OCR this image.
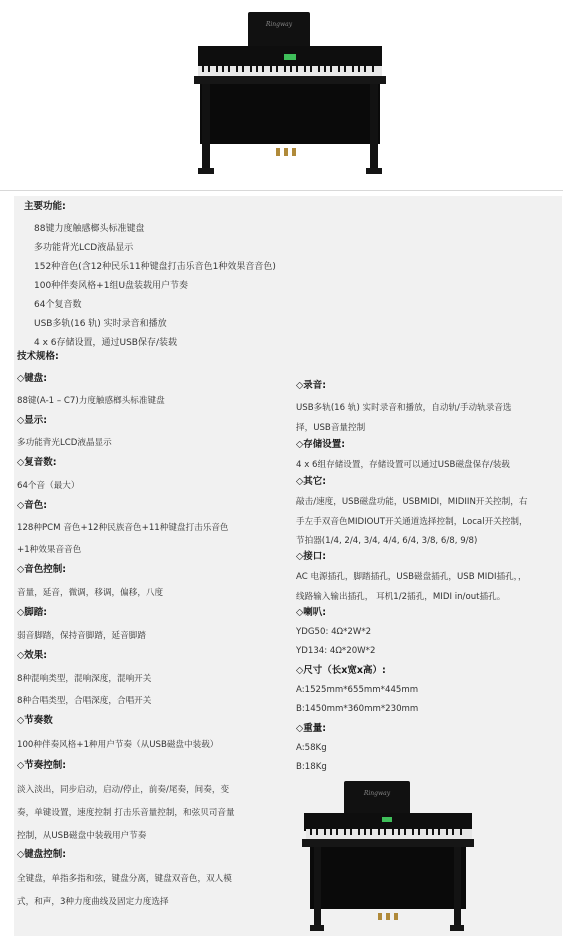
Ringway
主要功能:
88键力度触感榔头标准键盘
多功能背光LCD液晶显示
152种音色(含12种民乐11种键盘打击乐音色1种效果音音色)
100种伴奏风格+1组U盘装载用户节奏
64个复音数
USB多轨(16 轨) 实时录音和播放
4 x 6存储设置，通过USB保存/装载
技术规格:
◇键盘:
88键(A-1 – C7)力度触感榔头标准键盘
◇显示:
多功能背光LCD液晶显示
◇复音数:
64个音（最大）
◇音色:
128种PCM 音色+12种民族音色+11种键盘打击乐音色
+1种效果音音色
◇音色控制:
音量，延音，微调，移调，偏移，八度
◇脚踏:
弱音脚踏，保持音脚踏，延音脚踏
◇效果:
8种混响类型，混响深度，混响开关
8种合唱类型，合唱深度，合唱开关
◇节奏数
100种伴奏风格+1种用户节奏（从USB磁盘中装载）
◇节奏控制:
淡入淡出，同步启动，启动/停止，前奏/尾奏，间奏，变
奏，单键设置，速度控制 打击乐音量控制，和弦贝司音量
控制，从USB磁盘中装载用户节奏
◇键盘控制:
全键盘，单指多指和弦，键盘分离，键盘双音色，双人模
式，和声，3种力度曲线及固定力度选择
◇录音:
USB多轨(16 轨) 实时录音和播放，自动轨/手动轨录音选
择，USB音量控制
◇存储设置:
4 x 6组存储设置，存储设置可以通过USB磁盘保存/装载
◇其它:
敲击/速度，USB磁盘功能，USBMIDI，MIDIIN开关控制，右
手左手双音色MIDIOUT开关通道选择控制，Local开关控制，
节拍器(1/4, 2/4, 3/4, 4/4, 6/4, 3/8, 6/8, 9/8)
◇接口:
AC 电源插孔，脚踏插孔，USB磁盘插孔，USB MIDI插孔，，
线路输入输出插孔， 耳机1/2插孔，MIDI in/out插孔。
◇喇叭:
YDG50: 4Ω*2W*2
YD134: 4Ω*20W*2
◇尺寸（长x宽x高）:
A:1525mm*655mm*445mm
B:1450mm*360mm*230mm
◇重量:
A:58Kg
B:18Kg
Ringway
